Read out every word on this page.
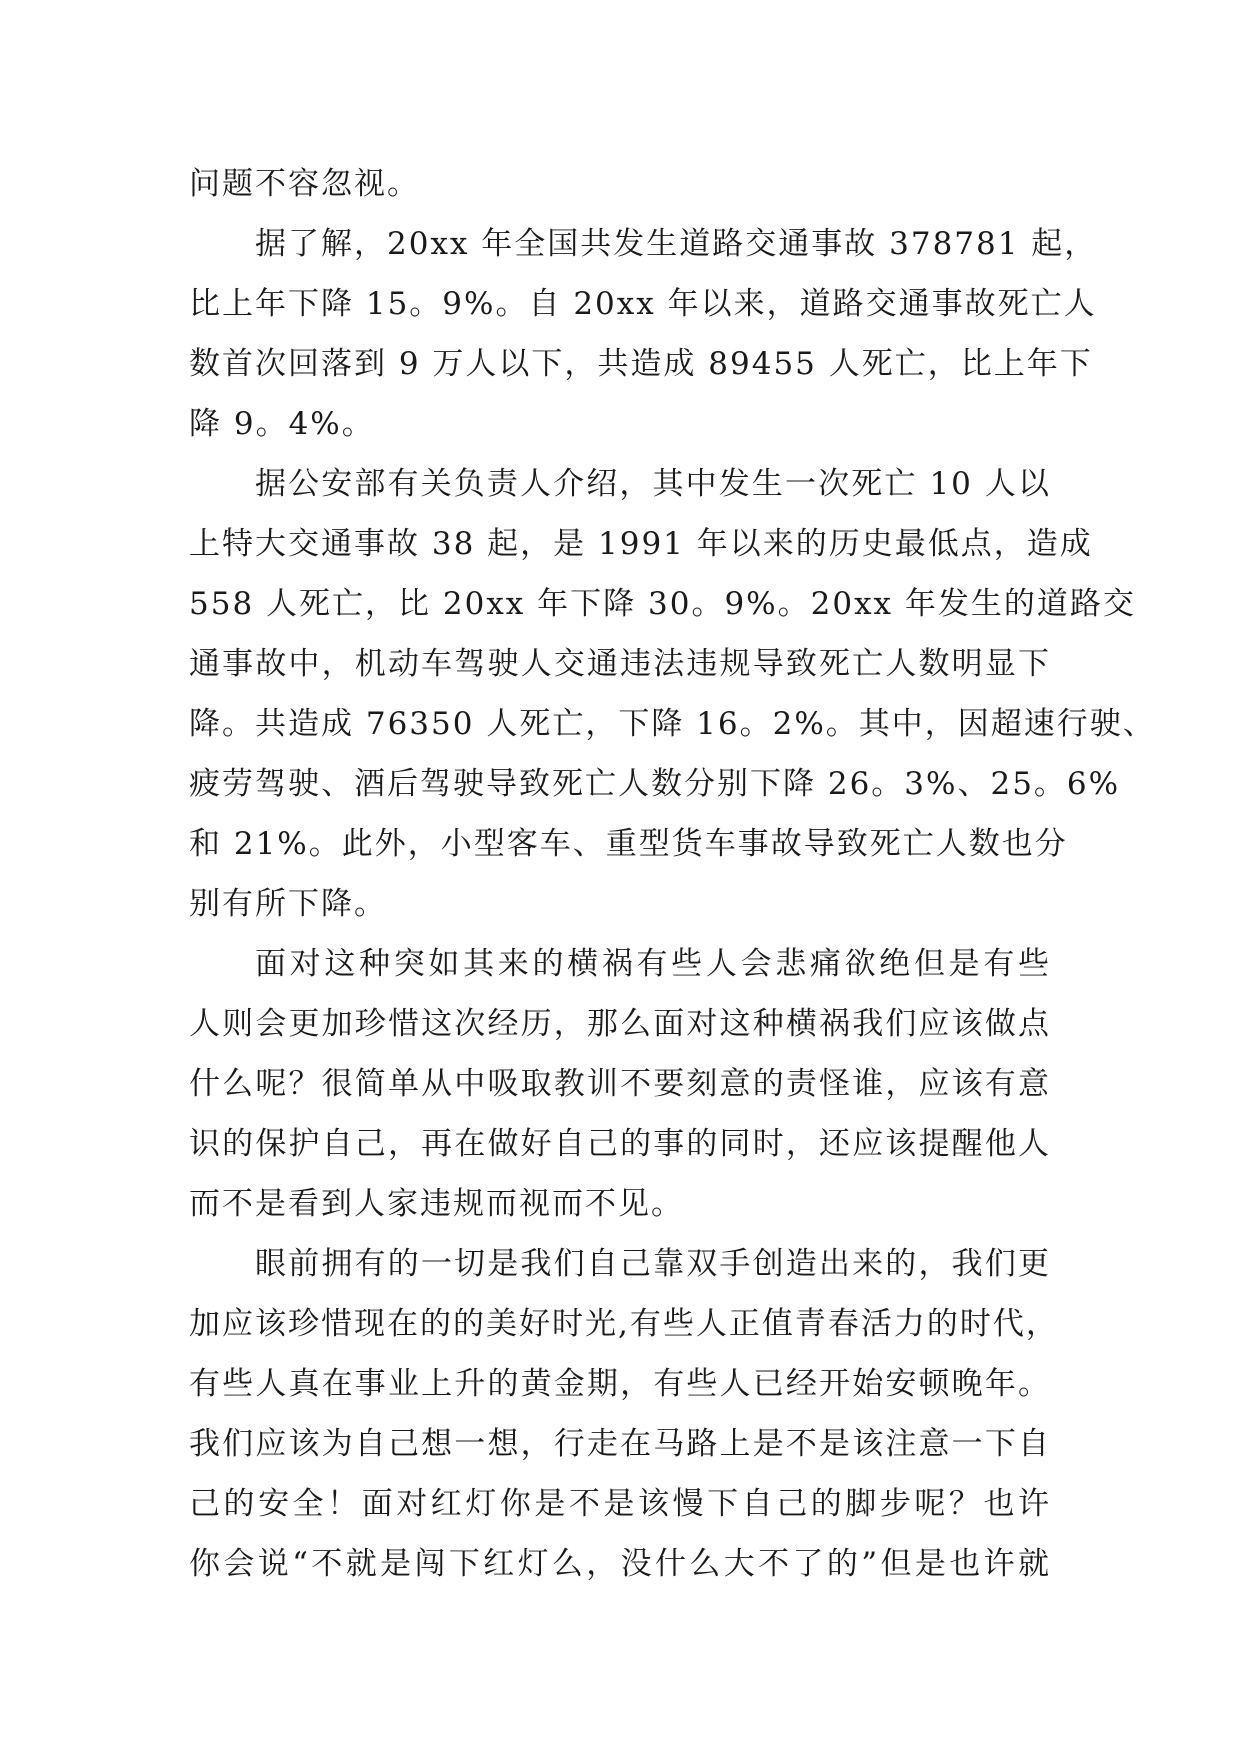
问题不容忽视。
据了解，20xx 年全国共发生道路交通事故 378781 起，
比上年下降 15。9%。自 20xx 年以来，道路交通事故死亡人
数首次回落到 9 万人以下，共造成 89455 人死亡，比上年下
降 9。4%。
据公安部有关负责人介绍，其中发生一次死亡 10 人以
上特大交通事故 38 起，是 1991 年以来的历史最低点，造成
558 人死亡，比 20xx 年下降 30。9%。20xx 年发生的道路交
通事故中，机动车驾驶人交通违法违规导致死亡人数明显下
降。共造成 76350 人死亡，下降 16。2%。其中，因超速行驶、
疲劳驾驶、酒后驾驶导致死亡人数分别下降 26。3%、25。6%
和 21%。此外，小型客车、重型货车事故导致死亡人数也分
别有所下降。
面对这种突如其来的横祸有些人会悲痛欲绝但是有些
人则会更加珍惜这次经历，那么面对这种横祸我们应该做点
什么呢？很简单从中吸取教训不要刻意的责怪谁，应该有意
识的保护自己，再在做好自己的事的同时，还应该提醒他人
而不是看到人家违规而视而不见。
眼前拥有的一切是我们自己靠双手创造出来的，我们更
加应该珍惜现在的的美好时光,有些人正值青春活力的时代，
有些人真在事业上升的黄金期，有些人已经开始安顿晚年。
我们应该为自己想一想，行走在马路上是不是该注意一下自
己的安全！面对红灯你是不是该慢下自己的脚步呢？也许
你会说“不就是闯下红灯么，没什么大不了的”但是也许就
